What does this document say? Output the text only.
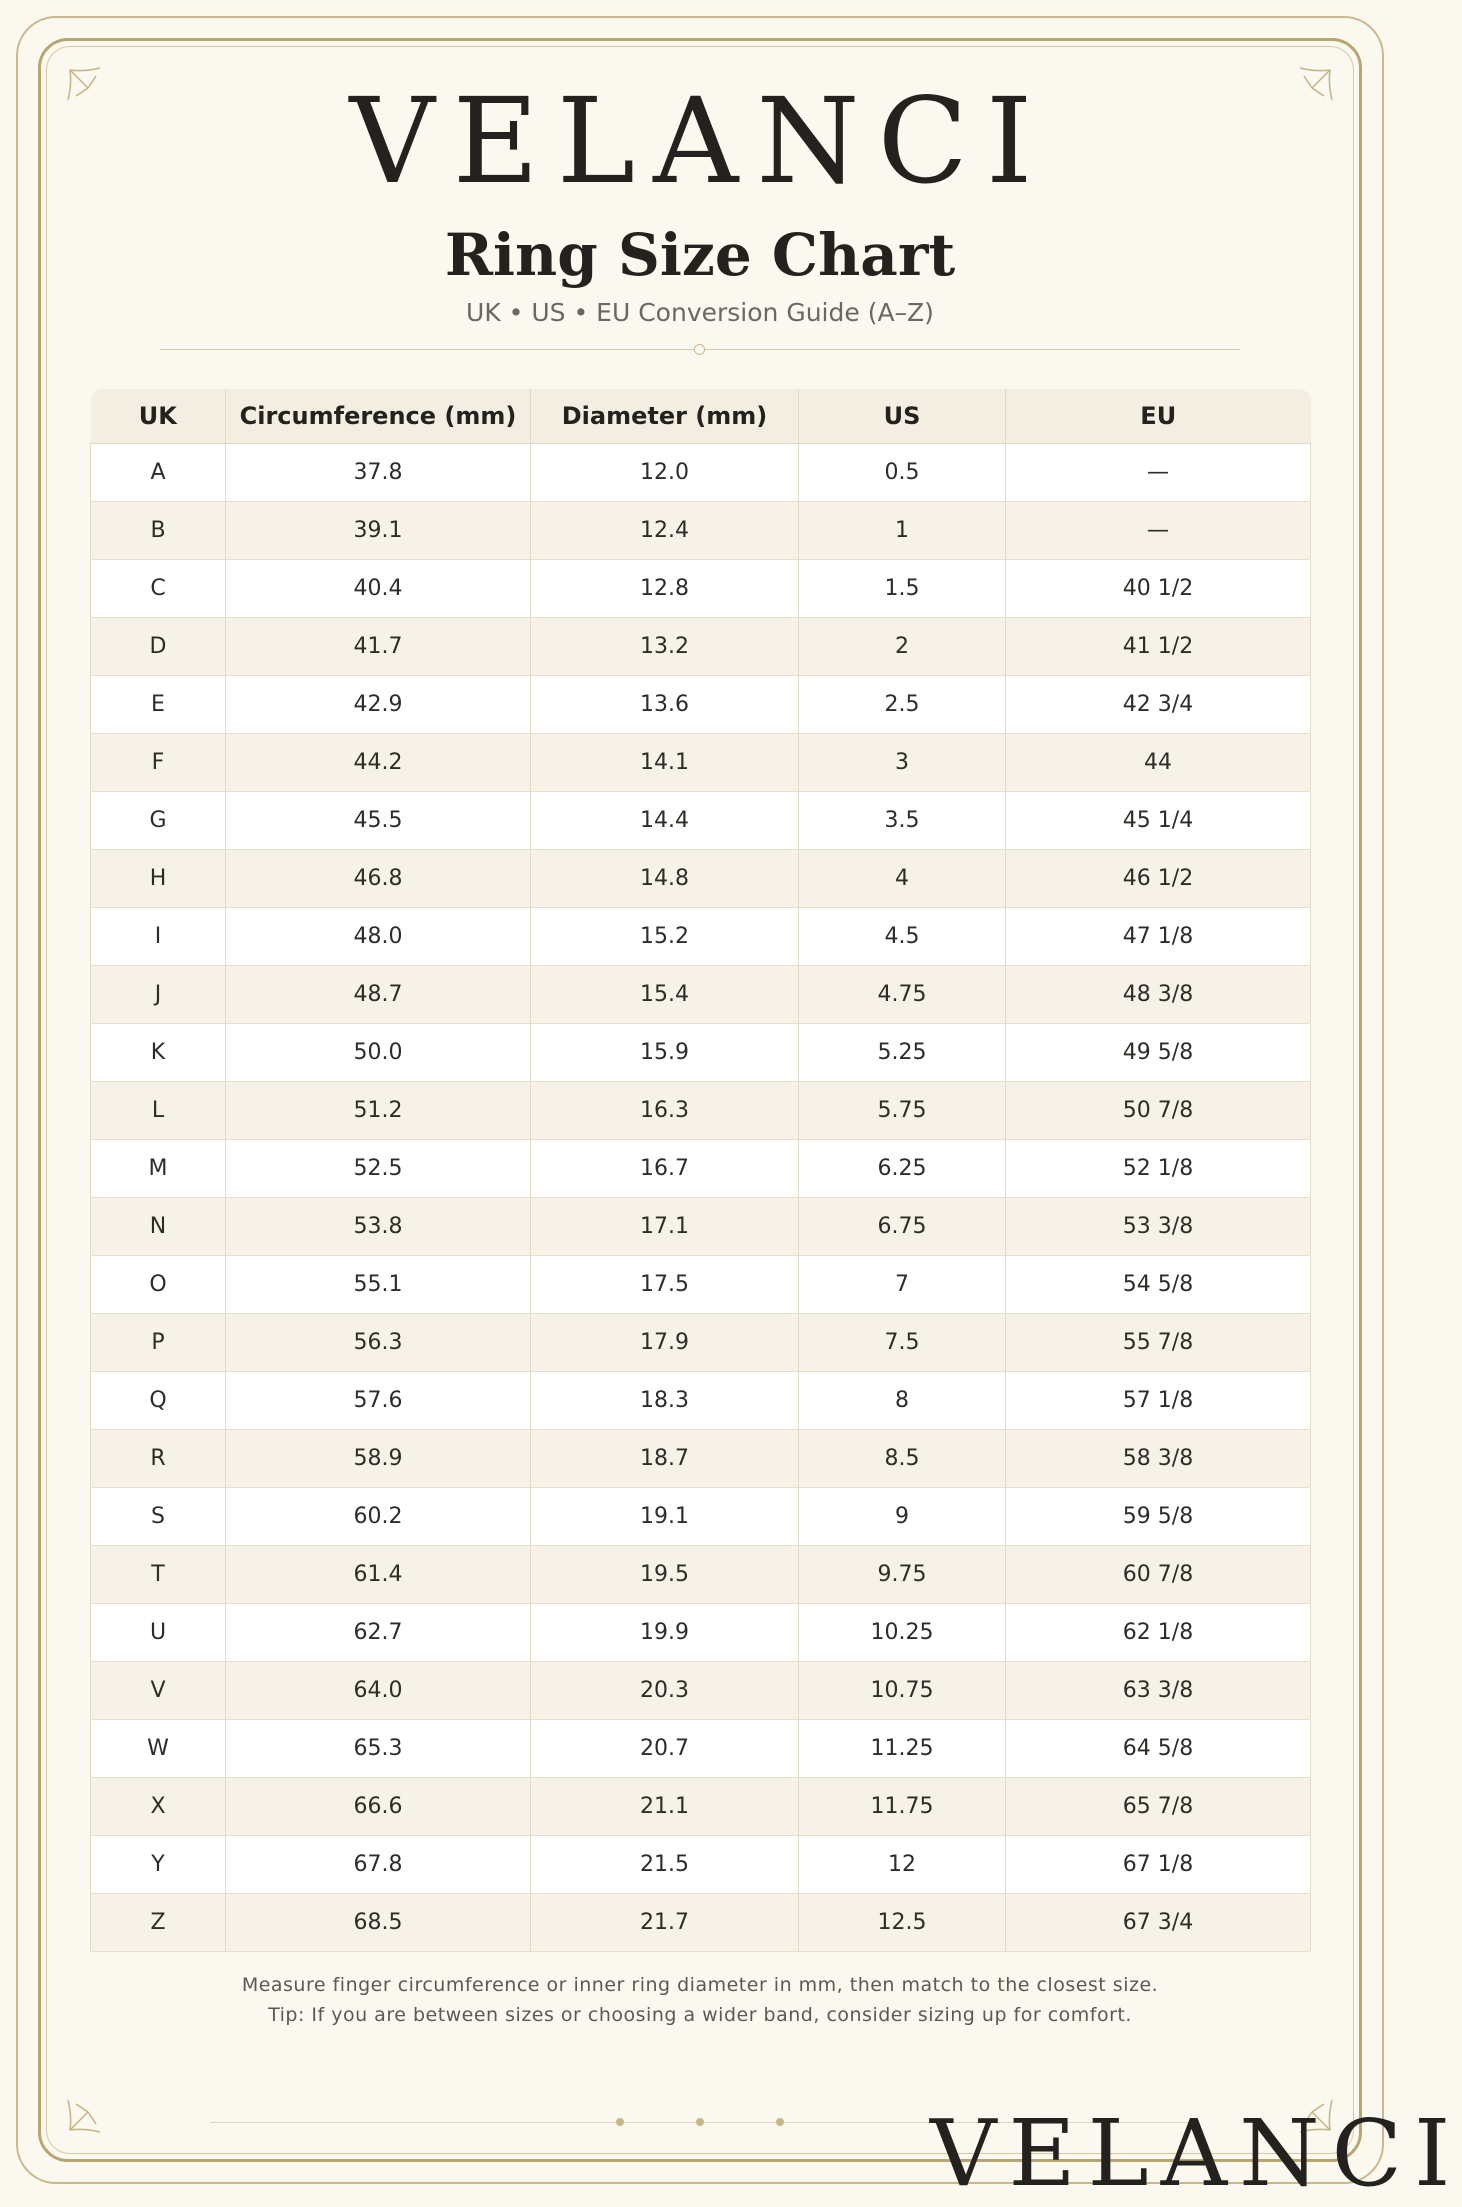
VELANCI
Ring Size Chart
UK • US • EU Conversion Guide (A–Z)
UK	Circumference (mm)	Diameter (mm)	US	EU
A	37.8	12.0	0.5	—
B	39.1	12.4	1	—
C	40.4	12.8	1.5	40 1/2
D	41.7	13.2	2	41 1/2
E	42.9	13.6	2.5	42 3/4
F	44.2	14.1	3	44
G	45.5	14.4	3.5	45 1/4
H	46.8	14.8	4	46 1/2
I	48.0	15.2	4.5	47 1/8
J	48.7	15.4	4.75	48 3/8
K	50.0	15.9	5.25	49 5/8
L	51.2	16.3	5.75	50 7/8
M	52.5	16.7	6.25	52 1/8
N	53.8	17.1	6.75	53 3/8
O	55.1	17.5	7	54 5/8
P	56.3	17.9	7.5	55 7/8
Q	57.6	18.3	8	57 1/8
R	58.9	18.7	8.5	58 3/8
S	60.2	19.1	9	59 5/8
T	61.4	19.5	9.75	60 7/8
U	62.7	19.9	10.25	62 1/8
V	64.0	20.3	10.75	63 3/8
W	65.3	20.7	11.25	64 5/8
X	66.6	21.1	11.75	65 7/8
Y	67.8	21.5	12	67 1/8
Z	68.5	21.7	12.5	67 3/4
Measure finger circumference or inner ring diameter in mm, then match to the closest size.
Tip: If you are between sizes or choosing a wider band, consider sizing up for comfort.
VELANCI
